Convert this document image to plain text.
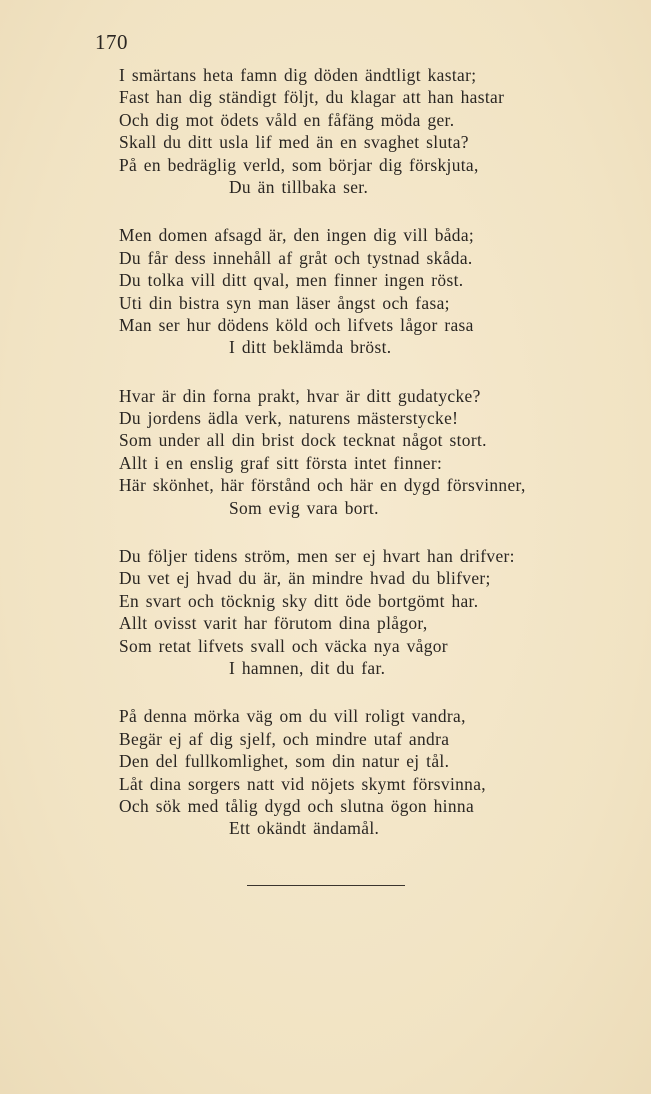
170
I smärtans heta famn dig döden ändtligt kastar;
Fast han dig ständigt följt, du klagar att han hastar
Och dig mot ödets våld en fåfäng möda ger.
Skall du ditt usla lif med än en svaghet sluta?
På en bedräglig verld, som börjar dig förskjuta,
Du än tillbaka ser.
Men domen afsagd är, den ingen dig vill båda;
Du får dess innehåll af gråt och tystnad skåda.
Du tolka vill ditt qval, men finner ingen röst.
Uti din bistra syn man läser ångst och fasa;
Man ser hur dödens köld och lifvets lågor rasa
I ditt beklämda bröst.
Hvar är din forna prakt, hvar är ditt gudatycke?
Du jordens ädla verk, naturens mästerstycke!
Som under all din brist dock tecknat något stort.
Allt i en enslig graf sitt första intet finner:
Här skönhet, här förstånd och här en dygd försvinner,
Som evig vara bort.
Du följer tidens ström, men ser ej hvart han drifver:
Du vet ej hvad du är, än mindre hvad du blifver;
En svart och töcknig sky ditt öde bortgömt har.
Allt ovisst varit har förutom dina plågor,
Som retat lifvets svall och väcka nya vågor
I hamnen, dit du far.
På denna mörka väg om du vill roligt vandra,
Begär ej af dig sjelf, och mindre utaf andra
Den del fullkomlighet, som din natur ej tål.
Låt dina sorgers natt vid nöjets skymt försvinna,
Och sök med tålig dygd och slutna ögon hinna
Ett okändt ändamål.
